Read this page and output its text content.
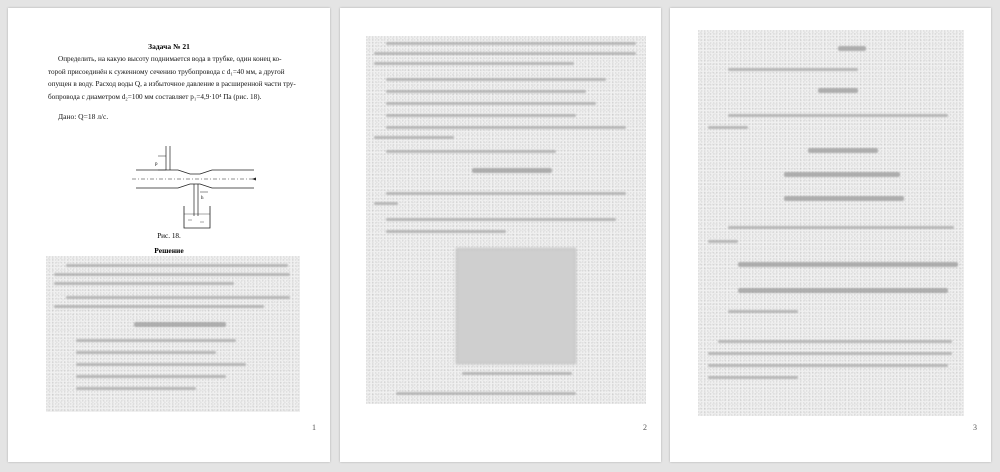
Задача № 21
Определить, на какую высоту поднимается вода в трубке, один конец ко-
торой присоединён к суженному сечению трубопровода с d₁=40 мм, а другой
опущен в воду. Расход воды Q, а избыточное давление в расширенной части тру-
бопровода с диаметром d₂=100 мм составляет p₁=4,9·10⁴ Па (рис. 18).
Дано: Q=18 л/с.
p
h
Рис. 18.
Решение
1	2	3
